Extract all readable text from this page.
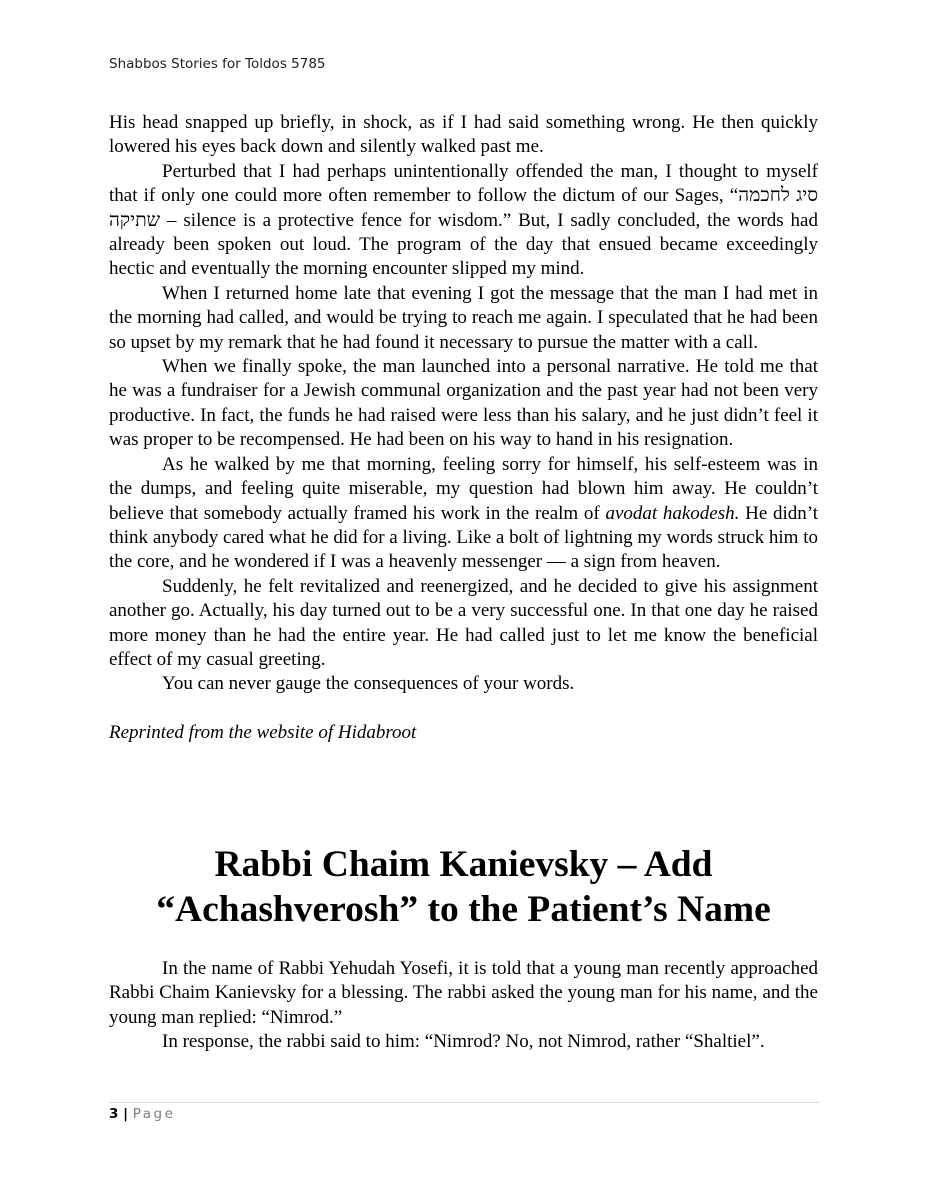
Shabbos Stories for Toldos 5785

His head snapped up briefly, in shock, as if I had said something wrong. He then quickly lowered his eyes back down and silently walked past me.

Perturbed that I had perhaps unintentionally offended the man, I thought to myself that if only one could more often remember to follow the dictum of our Sages, “סיג לחכמה שתיקה – silence is a protective fence for wisdom.” But, I sadly concluded, the words had already been spoken out loud. The program of the day that ensued became exceedingly hectic and eventually the morning encounter slipped my mind.

When I returned home late that evening I got the message that the man I had met in the morning had called, and would be trying to reach me again. I speculated that he had been so upset by my remark that he had found it necessary to pursue the matter with a call.

When we finally spoke, the man launched into a personal narrative. He told me that he was a fundraiser for a Jewish communal organization and the past year had not been very productive. In fact, the funds he had raised were less than his salary, and he just didn’t feel it was proper to be recompensed. He had been on his way to hand in his resignation.

As he walked by me that morning, feeling sorry for himself, his self-esteem was in the dumps, and feeling quite miserable, my question had blown him away. He couldn’t believe that somebody actually framed his work in the realm of avodat hakodesh. He didn’t think anybody cared what he did for a living. Like a bolt of lightning my words struck him to the core, and he wondered if I was a heavenly messenger — a sign from heaven.

Suddenly, he felt revitalized and reenergized, and he decided to give his assignment another go. Actually, his day turned out to be a very successful one. In that one day he raised more money than he had the entire year. He had called just to let me know the beneficial effect of my casual greeting.

You can never gauge the consequences of your words.

Reprinted from the website of Hidabroot

Rabbi Chaim Kanievsky – Add
“Achashverosh” to the Patient’s Name

In the name of Rabbi Yehudah Yosefi, it is told that a young man recently approached Rabbi Chaim Kanievsky for a blessing. The rabbi asked the young man for his name, and the young man replied: “Nimrod.”

In response, the rabbi said to him: “Nimrod? No, not Nimrod, rather “Shaltiel”.

3 | Page
